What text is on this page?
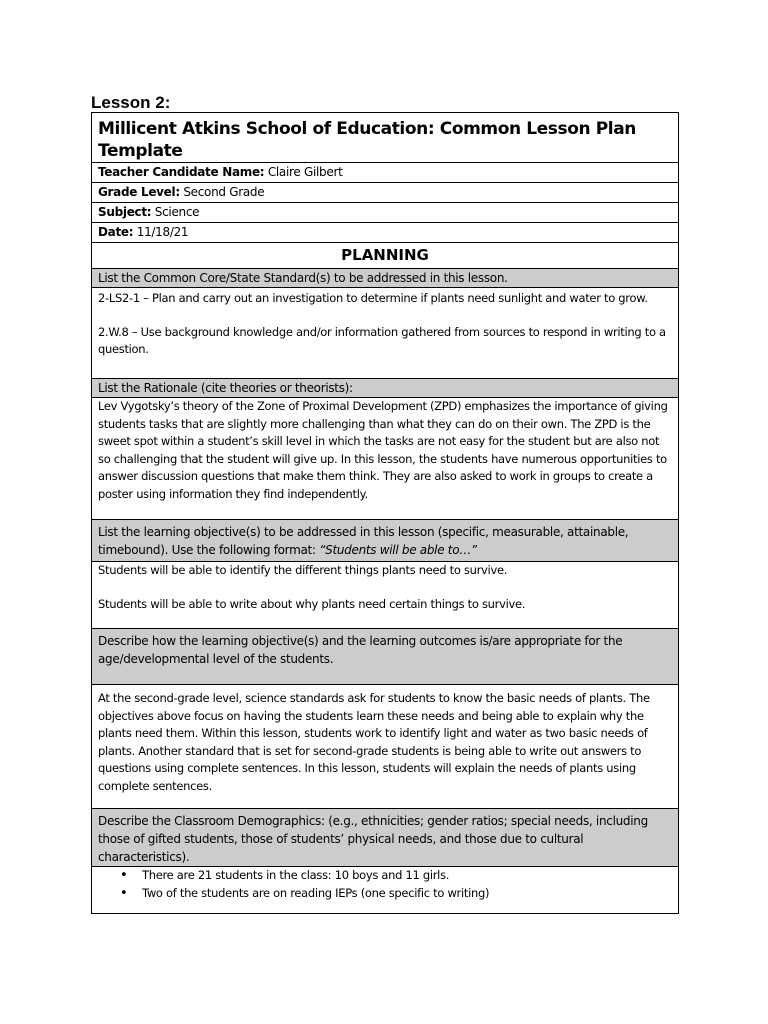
Lesson 2:
Millicent Atkins School of Education: Common Lesson Plan Template

Teacher Candidate Name: Claire Gilbert
Grade Level: Second Grade
Subject: Science
Date: 11/18/21
PLANNING
List the Common Core/State Standard(s) to be addressed in this lesson.

2-LS2-1 – Plan and carry out an investigation to determine if plants need sunlight and water to grow.
2.W.8 – Use background knowledge and/or information gathered from sources to respond in writing to a question.

List the Rationale (cite theories or theorists):
Lev Vygotsky’s theory of the Zone of Proximal Development (ZPD) emphasizes the importance of giving students tasks that are slightly more challenging than what they can do on their own. The ZPD is the sweet spot within a student’s skill level in which the tasks are not easy for the student but are also not so challenging that the student will give up. In this lesson, the students have numerous opportunities to answer discussion questions that make them think. They are also asked to work in groups to create a poster using information they find independently.
List the learning objective(s) to be addressed in this lesson (specific, measurable, attainable, timebound). Use the following format: “Students will be able to…”

Students will be able to identify the different things plants need to survive.
Students will be able to write about why plants need certain things to survive.

Describe how the learning objective(s) and the learning outcomes is/are appropriate for the age/developmental level of the students.
At the second-grade level, science standards ask for students to know the basic needs of plants. The objectives above focus on having the students learn these needs and being able to explain why the plants need them. Within this lesson, students work to identify light and water as two basic needs of plants. Another standard that is set for second-grade students is being able to write out answers to questions using complete sentences. In this lesson, students will explain the needs of plants using complete sentences.
Describe the Classroom Demographics: (e.g., ethnicities; gender ratios; special needs, including those of gifted students, those of students’ physical needs, and those due to cultural characteristics).

• There are 21 students in the class: 10 boys and 11 girls.
• Two of the students are on reading IEPs (one specific to writing)
